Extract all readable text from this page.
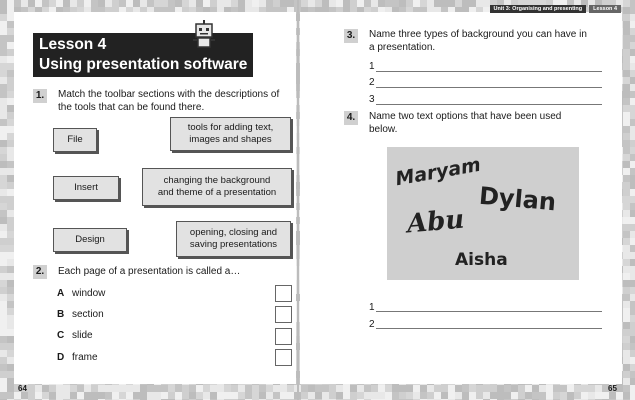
Unit 3: Organising and presenting	Lesson 4
Lesson 4
Using presentation software
1. Match the toolbar sections with the descriptions of
the tools that can be found there.
File
Insert
Design
tools for adding text,
images and shapes
changing the background
and theme of a presentation
opening, closing and
saving presentations
2. Each page of a presentation is called a…
A window
B section
C slide
D frame
3. Name three types of background you can have in
a presentation.
1
2
3
4. Name two text options that have been used
below.
Maryam
Dylan
Abu
Aisha
1
2
64	65
